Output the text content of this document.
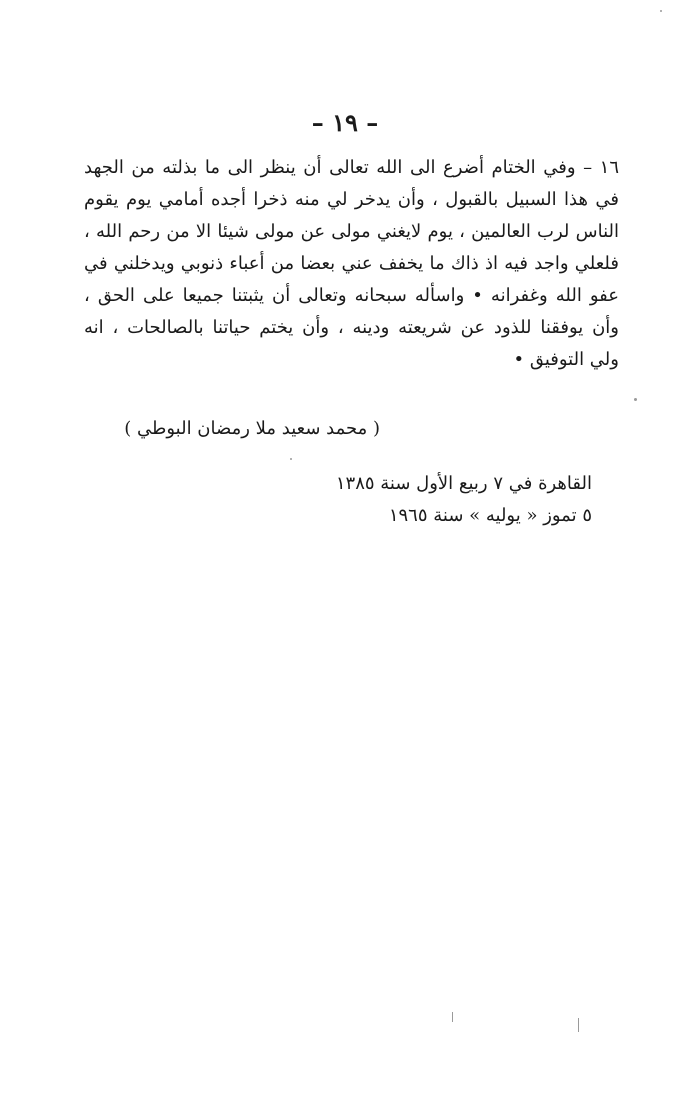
– ١٩ –
١٦ – وفي الختام أضرع الى الله تعالى أن ينظر الى ما بذلته من الجهد
في هذا السبيل بالقبول ، وأن يدخر لي منه ذخرا أجده أمامي يوم يقوم
الناس لرب العالمين ، يوم لايغني مولى عن مولى شيئا الا من رحم الله ،
فلعلي واجد فيه اذ ذاك ما يخفف عني بعضا من أعباء ذنوبي ويدخلني في
عفو الله وغفرانه • واسأله سبحانه وتعالى أن يثبتنا جميعا على الحق ،
وأن يوفقنا للذود عن شريعته ودينه ، وأن يختم حياتنا بالصالحات ، انه
ولي التوفيق •
( محمد سعيد ملا رمضان البوطي )
القاهرة في ٧ ربيع الأول سنة ١٣٨٥
٥ تموز « يوليه » سنة ١٩٦٥
